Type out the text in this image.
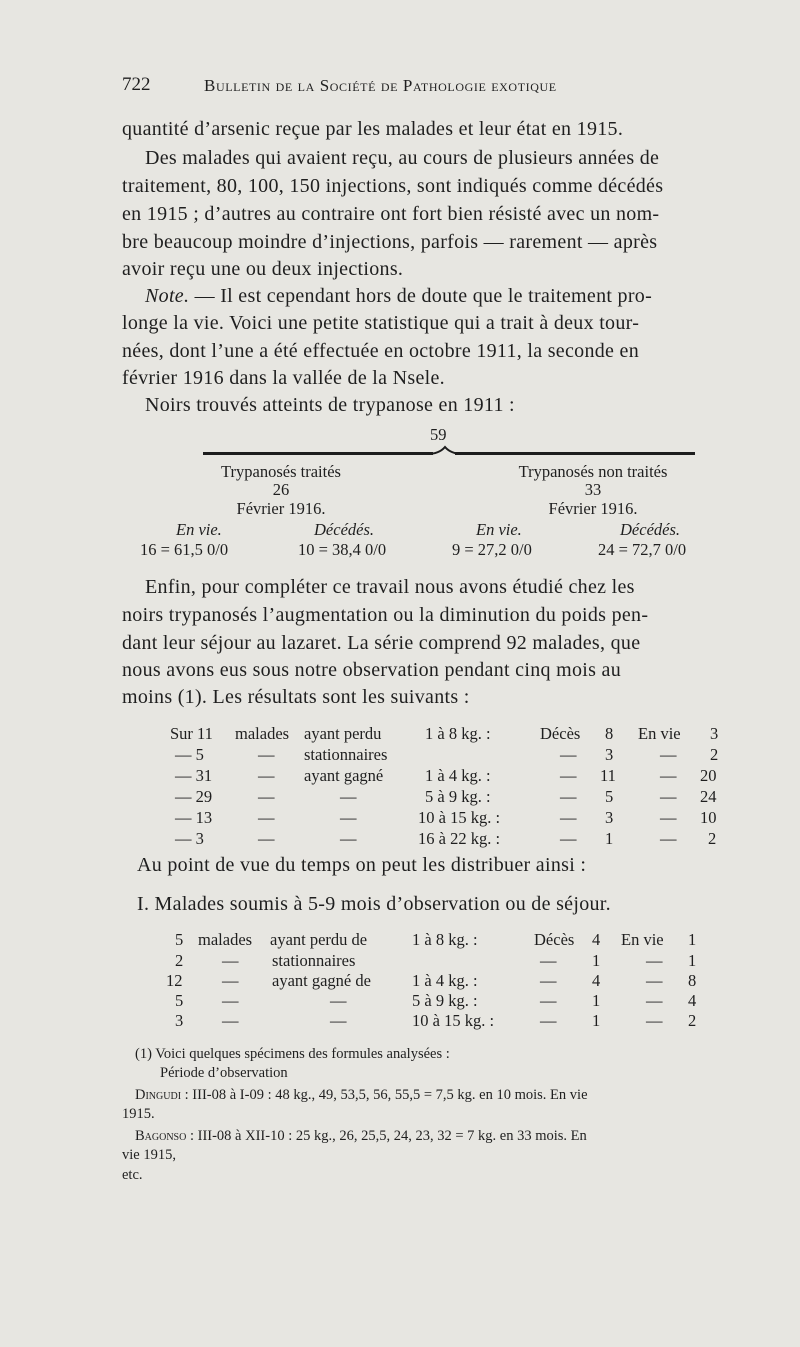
722	Bulletin de la Société de Pathologie exotique
quantité d’arsenic reçue par les malades et leur état en 1915.
Des malades qui avaient reçu, au cours de plusieurs années de
traitement, 80, 100, 150 injections, sont indiqués comme décédés
en 1915 ; d’autres au contraire ont fort bien résisté avec un nom-
bre beaucoup moindre d’injections, parfois — rarement — après
avoir reçu une ou deux injections.
Note. — Il est cependant hors de doute que le traitement pro-
longe la vie. Voici une petite statistique qui a trait à deux tour-
nées, dont l’une a été effectuée en octobre 1911, la seconde en
février 1916 dans la vallée de la Nsele.
Noirs trouvés atteints de trypanose en 1911 :
59
Trypanosés traités
26
Février 1916.
En vie.	Décédés.
16 = 61,5 0/0	10 = 38,4 0/0
Trypanosés non traités
33
Février 1916.
En vie.	Décédés.
9 = 27,2 0/0	24 = 72,7 0/0
Enfin, pour compléter ce travail nous avons étudié chez les
noirs trypanosés l’augmentation ou la diminution du poids pen-
dant leur séjour au lazaret. La série comprend 92 malades, que
nous avons eus sous notre observation pendant cinq mois au
moins (1). Les résultats sont les suivants :
Sur 11 malades ayant perdu	1 à 8 kg. :	Décès 8 En vie 3
— 5	— stationnaires	— 3	— 2
— 31	— ayant gagné	1 à 4 kg. :	— 11	— 20
— 29	—	—	5 à 9 kg. :	— 5	— 24
— 13	—	—	10 à 15 kg. :	— 3	— 10
— 3	—	—	16 à 22 kg. :	— 1	— 2
Au point de vue du temps on peut les distribuer ainsi :
I. Malades soumis à 5-9 mois d’observation ou de séjour.
5 malades ayant perdu de	1 à 8 kg. :	Décès 4 En vie 1
2 — stationnaires	— 1	— 1
12 — ayant gagné de 1 à 4 kg. :	— 4	— 8
5 —	—	5 à 9 kg. :	— 1	— 4
3 —	—	10 à 15 kg. :	— 1	— 2
(1) Voici quelques spécimens des formules analysées :
Période d’observation
Dingudi : III-08 à I-09 : 48 kg., 49, 53,5, 56, 55,5 = 7,5 kg. en 10 mois. En vie
1915.
Bagonso : III-08 à XII-10 : 25 kg., 26, 25,5, 24, 23, 32 = 7 kg. en 33 mois. En
vie 1915,
etc.
